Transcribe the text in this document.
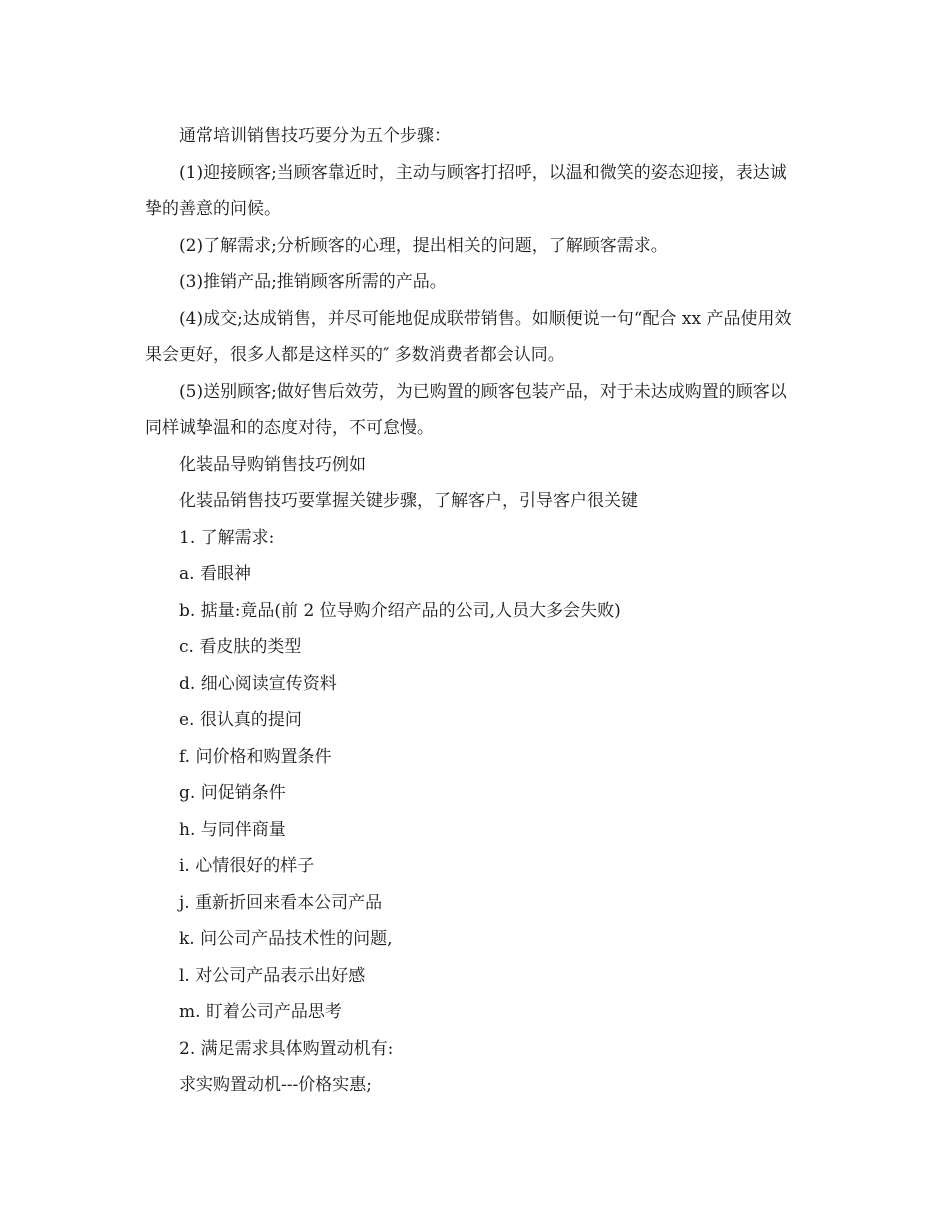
通常培训销售技巧要分为五个步骤：

(1)迎接顾客;当顾客靠近时，主动与顾客打招呼，以温和微笑的姿态迎接，表达诚挚的善意的问候。

(2)了解需求;分析顾客的心理，提出相关的问题，了解顾客需求。

(3)推销产品;推销顾客所需的产品。

(4)成交;达成销售，并尽可能地促成联带销售。如顺便说一句“配合 xx 产品使用效果会更好，很多人都是这样买的″ 多数消费者都会认同。

(5)送别顾客;做好售后效劳，为已购置的顾客包装产品，对于未达成购置的顾客以同样诚挚温和的态度对待，不可怠慢。

化装品导购销售技巧例如

化装品销售技巧要掌握关键步骤，了解客户，引导客户很关键

1. 了解需求:

a. 看眼神

b. 掂量:竟品(前 2 位导购介绍产品的公司,人员大多会失败)

c. 看皮肤的类型

d. 细心阅读宣传资料

e. 很认真的提问

f. 问价格和购置条件

g. 问促销条件

h. 与同伴商量

i. 心情很好的样子

j. 重新折回来看本公司产品

k. 问公司产品技术性的问题,

l. 对公司产品表示出好感

m. 盯着公司产品思考

2. 满足需求具体购置动机有:

求实购置动机---价格实惠;
